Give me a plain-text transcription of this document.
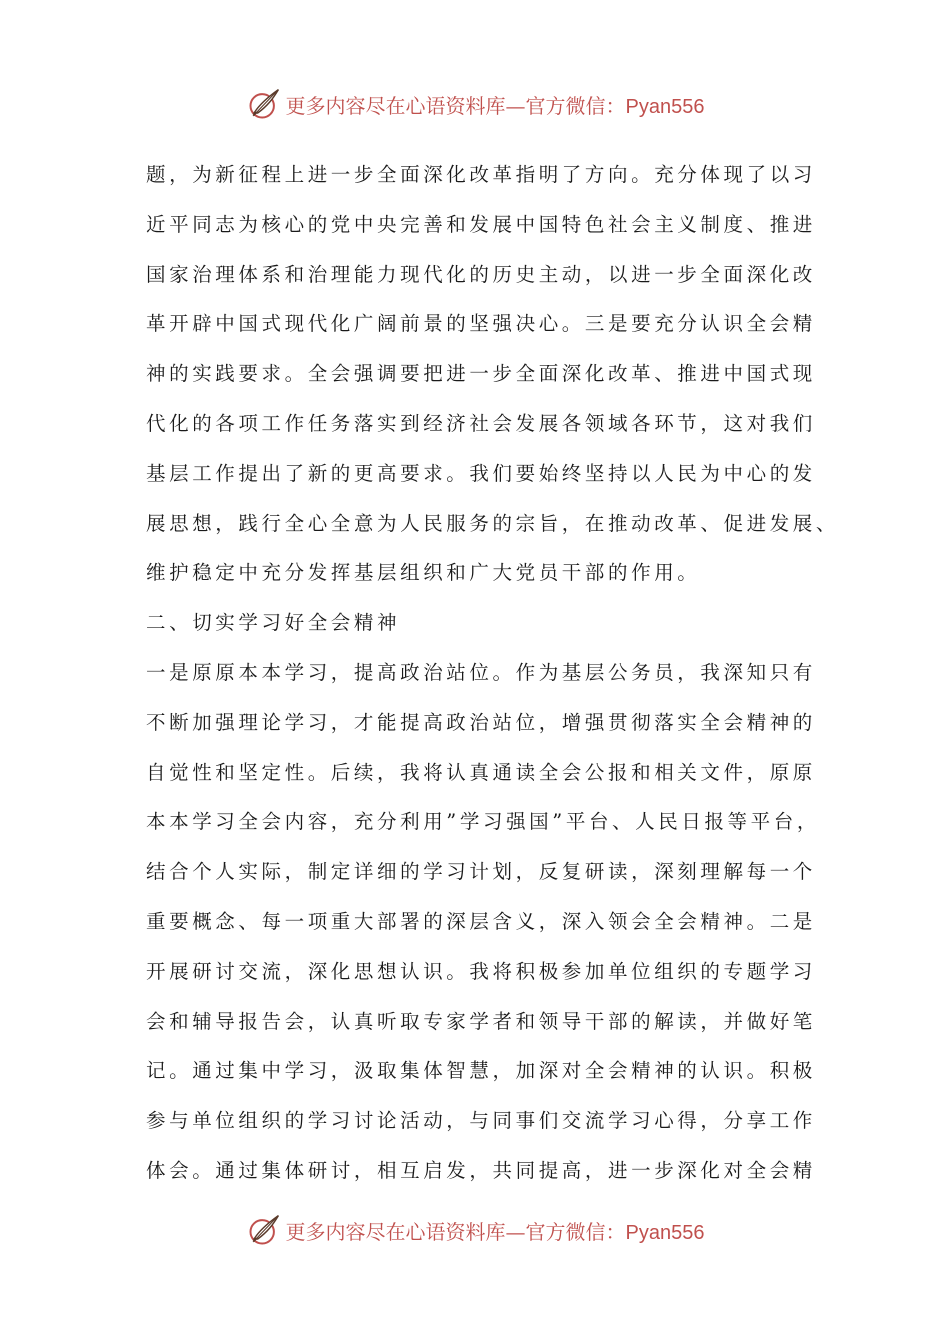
更多内容尽在心语资料库—官方微信：Pyan556
题，为新征程上进一步全面深化改革指明了方向。充分体现了以习
近平同志为核心的党中央完善和发展中国特色社会主义制度、推进
国家治理体系和治理能力现代化的历史主动，以进一步全面深化改
革开辟中国式现代化广阔前景的坚强决心。三是要充分认识全会精
神的实践要求。全会强调要把进一步全面深化改革、推进中国式现
代化的各项工作任务落实到经济社会发展各领域各环节，这对我们
基层工作提出了新的更高要求。我们要始终坚持以人民为中心的发
展思想，践行全心全意为人民服务的宗旨，在推动改革、促进发展、
维护稳定中充分发挥基层组织和广大党员干部的作用。
二、切实学习好全会精神
一是原原本本学习，提高政治站位。作为基层公务员，我深知只有
不断加强理论学习，才能提高政治站位，增强贯彻落实全会精神的
自觉性和坚定性。后续，我将认真通读全会公报和相关文件，原原
本本学习全会内容，充分利用”学习强国”平台、人民日报等平台，
结合个人实际，制定详细的学习计划，反复研读，深刻理解每一个
重要概念、每一项重大部署的深层含义，深入领会全会精神。二是
开展研讨交流，深化思想认识。我将积极参加单位组织的专题学习
会和辅导报告会，认真听取专家学者和领导干部的解读，并做好笔
记。通过集中学习，汲取集体智慧，加深对全会精神的认识。积极
参与单位组织的学习讨论活动，与同事们交流学习心得，分享工作
体会。通过集体研讨，相互启发，共同提高，进一步深化对全会精
更多内容尽在心语资料库—官方微信：Pyan556
